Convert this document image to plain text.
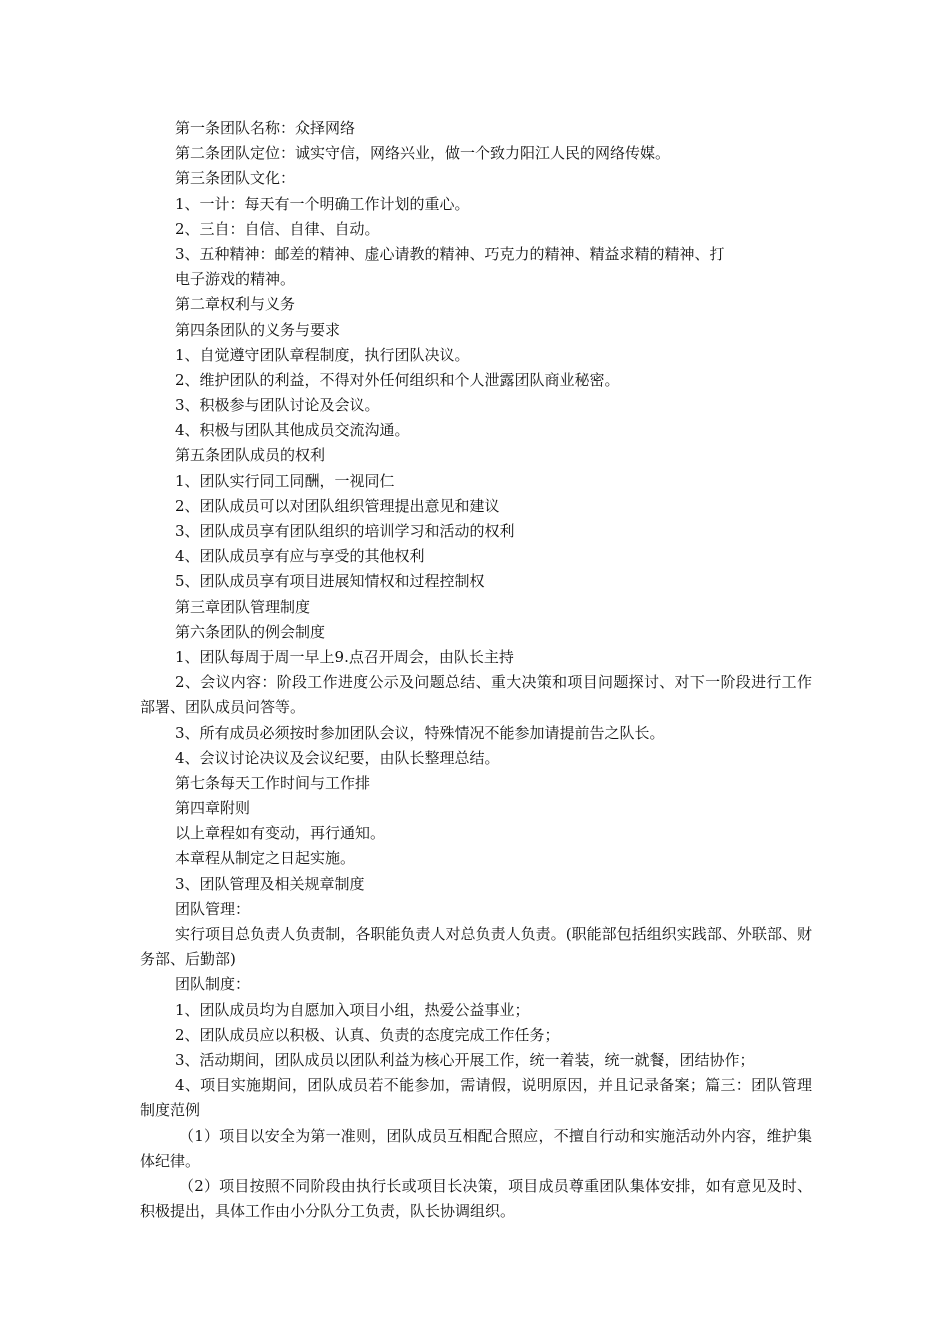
第一条团队名称：众择网络
第二条团队定位：诚实守信，网络兴业，做一个致力阳江人民的网络传媒。
第三条团队文化：
1、一计：每天有一个明确工作计划的重心。
2、三自：自信、自律、自动。
3、五种精神：邮差的精神、虚心请教的精神、巧克力的精神、精益求精的精神、打
电子游戏的精神。
第二章权利与义务
第四条团队的义务与要求
1、自觉遵守团队章程制度，执行团队决议。
2、维护团队的利益，不得对外任何组织和个人泄露团队商业秘密。
3、积极参与团队讨论及会议。
4、积极与团队其他成员交流沟通。
第五条团队成员的权利
1、团队实行同工同酬，一视同仁
2、团队成员可以对团队组织管理提出意见和建议
3、团队成员享有团队组织的培训学习和活动的权利
4、团队成员享有应与享受的其他权利
5、团队成员享有项目进展知情权和过程控制权
第三章团队管理制度
第六条团队的例会制度
1、团队每周于周一早上9.点召开周会，由队长主持

2、会议内容：阶段工作进度公示及问题总结、重大决策和项目问题探讨、对下一阶段进行工作部署、团队成员问答等。

3、所有成员必须按时参加团队会议，特殊情况不能参加请提前告之队长。
4、会议讨论决议及会议纪要，由队长整理总结。
第七条每天工作时间与工作排
第四章附则
以上章程如有变动，再行通知。
本章程从制定之日起实施。
3、团队管理及相关规章制度
团队管理：

实行项目总负责人负责制，各职能负责人对总负责人负责。(职能部包括组织实践部、外联部、财务部、后勤部)

团队制度：
1、团队成员均为自愿加入项目小组，热爱公益事业；
2、团队成员应以积极、认真、负责的态度完成工作任务；
3、活动期间，团队成员以团队利益为核心开展工作，统一着装，统一就餐，团结协作；

4、项目实施期间，团队成员若不能参加，需请假，说明原因，并且记录备案；篇三：团队管理制度范例

（1）项目以安全为第一准则，团队成员互相配合照应，不擅自行动和实施活动外内容，维护集体纪律。

（2）项目按照不同阶段由执行长或项目长决策，项目成员尊重团队集体安排，如有意见及时、积极提出，具体工作由小分队分工负责，队长协调组织。
